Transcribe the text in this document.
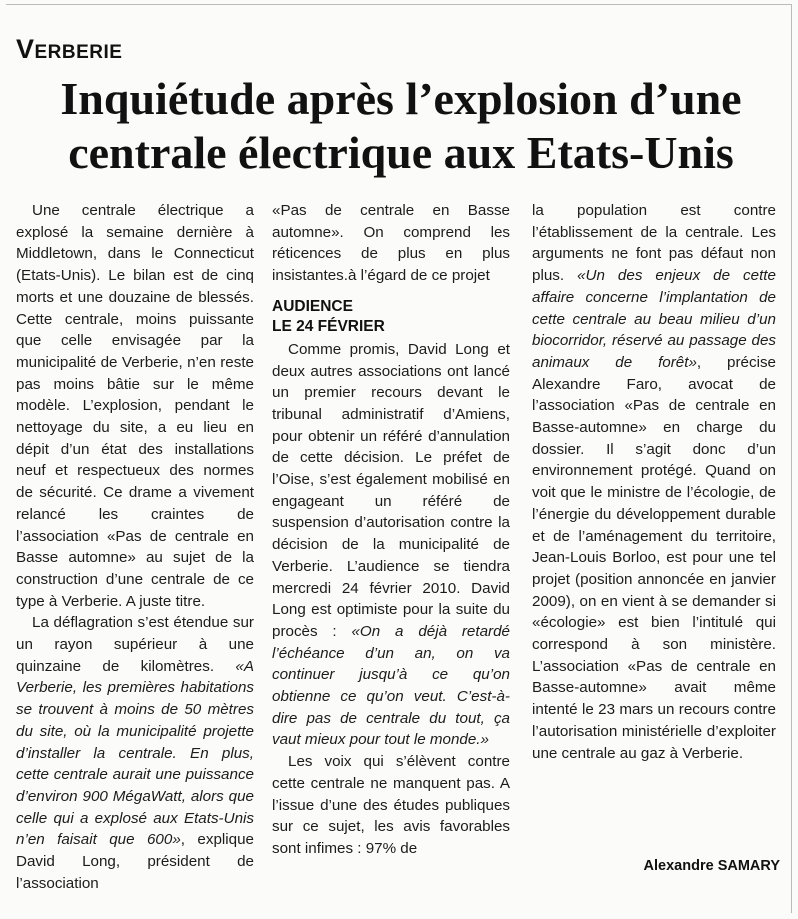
Verberie
Inquiétude après l’explosion d’une
centrale électrique aux Etats-Unis

Une centrale électrique a explosé la semaine dernière à Middletown, dans le Connecticut (Etats-Unis). Le bilan est de cinq morts et une douzaine de blessés. Cette centrale, moins puissante que celle envisagée par la municipalité de Verberie, n’en reste pas moins bâtie sur le même modèle. L’explosion, pendant le nettoyage du site, a eu lieu en dépit d’un état des installations neuf et respectueux des normes de sécurité. Ce drame a vivement relancé les craintes de l’association «Pas de centrale en Basse automne» au sujet de la construction d’une centrale de ce type à Verberie. A juste titre.

La déflagration s’est étendue sur un rayon supérieur à une quinzaine de kilomètres. «A Verberie, les premières habitations se trouvent à moins de 50 mètres du site, où la municipalité projette d’installer la centrale. En plus, cette centrale aurait une puissance d’environ 900 MégaWatt, alors que celle qui a explosé aux Etats-Unis n’en faisait que 600», explique David Long, président de l’association

«Pas de centrale en Basse automne». On comprend les réticences de plus en plus insistantes.à l’égard de ce projet

AUDIENCE
LE 24 FÉVRIER

Comme promis, David Long et deux autres associations ont lancé un premier recours devant le tribunal administratif d’Amiens, pour obtenir un référé d’annulation de cette décision. Le préfet de l’Oise, s’est également mobilisé en engageant un référé de suspension d’autorisation contre la décision de la municipalité de Verberie. L’audience se tiendra mercredi 24 février 2010. David Long est optimiste pour la suite du procès : «On a déjà retardé l’échéance d’un an, on va continuer jusqu’à ce qu’on obtienne ce qu’on veut. C’est-à-dire pas de centrale du tout, ça vaut mieux pour tout le monde.»

Les voix qui s’élèvent contre cette centrale ne manquent pas. A l’issue d’une des études publiques sur ce sujet, les avis favorables sont infimes : 97% de

la population est contre l’établissement de la centrale. Les arguments ne font pas défaut non plus. «Un des enjeux de cette affaire concerne l’implantation de cette centrale au beau milieu d’un biocorridor, réservé au passage des animaux de forêt», précise Alexandre Faro, avocat de l’association «Pas de centrale en Basse-automne» en charge du dossier. Il s’agit donc d’un environnement protégé. Quand on voit que le ministre de l’écologie, de l’énergie du développement durable et de l’aménagement du territoire, Jean-Louis Borloo, est pour une tel projet (position annoncée en janvier 2009), on en vient à se demander si «écologie» est bien l’intitulé qui correspond à son ministère. L’association «Pas de centrale en Basse-automne» avait même intenté le 23 mars un recours contre l’autorisation ministérielle d’exploiter une centrale au gaz à Verberie.

Alexandre SAMARY
